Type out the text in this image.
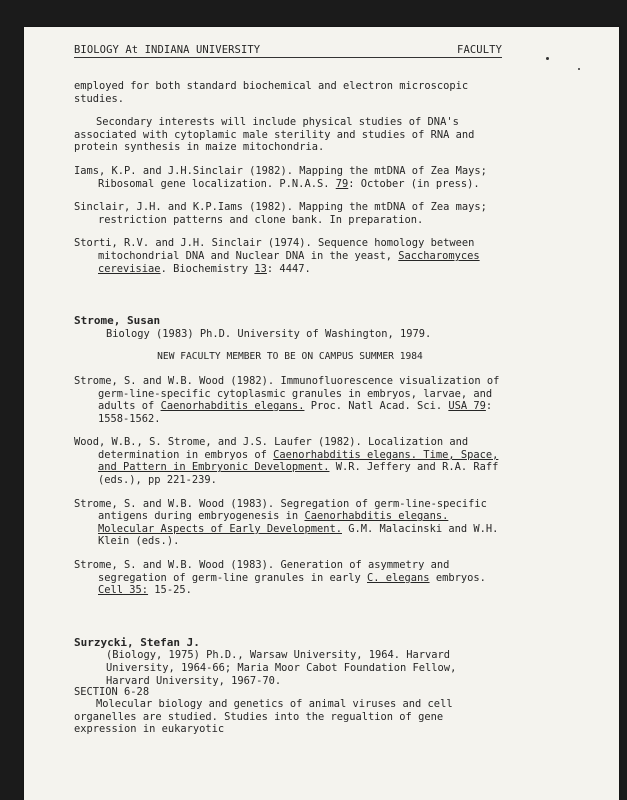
BIOLOGY At INDIANA UNIVERSITY	FACULTY

employed for both standard biochemical and electron microscopic studies.

Secondary interests will include physical studies of DNA's associated with cytoplamic male sterility and studies of RNA and protein synthesis in maize mitochondria.

Iams, K.P. and J.H.Sinclair (1982). Mapping the mtDNA of Zea Mays; Ribosomal gene localization. P.N.A.S. 79: October (in press).

Sinclair, J.H. and K.P.Iams (1982). Mapping the mtDNA of Zea mays; restriction patterns and clone bank. In preparation.

Storti, R.V. and J.H. Sinclair (1974). Sequence homology between mitochondrial DNA and Nuclear DNA in the yeast, Saccharomyces cerevisiae. Biochemistry 13: 4447.

Strome, Susan

Biology (1983) Ph.D. University of Washington, 1979.

NEW FACULTY MEMBER TO BE ON CAMPUS SUMMER 1984

Strome, S. and W.B. Wood (1982). Immunofluorescence visualization of germ-line-specific cytoplasmic granules in embryos, larvae, and adults of Caenorhabditis elegans. Proc. Natl Acad. Sci. USA 79: 1558-1562.

Wood, W.B., S. Strome, and J.S. Laufer (1982). Localization and determination in embryos of Caenorhabditis elegans. Time, Space, and Pattern in Embryonic Development. W.R. Jeffery and R.A. Raff (eds.), pp 221-239.

Strome, S. and W.B. Wood (1983). Segregation of germ-line-specific antigens during embryogenesis in Caenorhabditis elegans. Molecular Aspects of Early Development. G.M. Malacinski and W.H. Klein (eds.).

Strome, S. and W.B. Wood (1983). Generation of asymmetry and segregation of germ-line granules in early C. elegans embryos. Cell 35: 15-25.

Surzycki, Stefan J.

(Biology, 1975) Ph.D., Warsaw University, 1964. Harvard University, 1964-66; Maria Moor Cabot Foundation Fellow, Harvard University, 1967-70.

Molecular biology and genetics of animal viruses and cell organelles are studied. Studies into the regualtion of gene expression in eukaryotic

SECTION 6-28
